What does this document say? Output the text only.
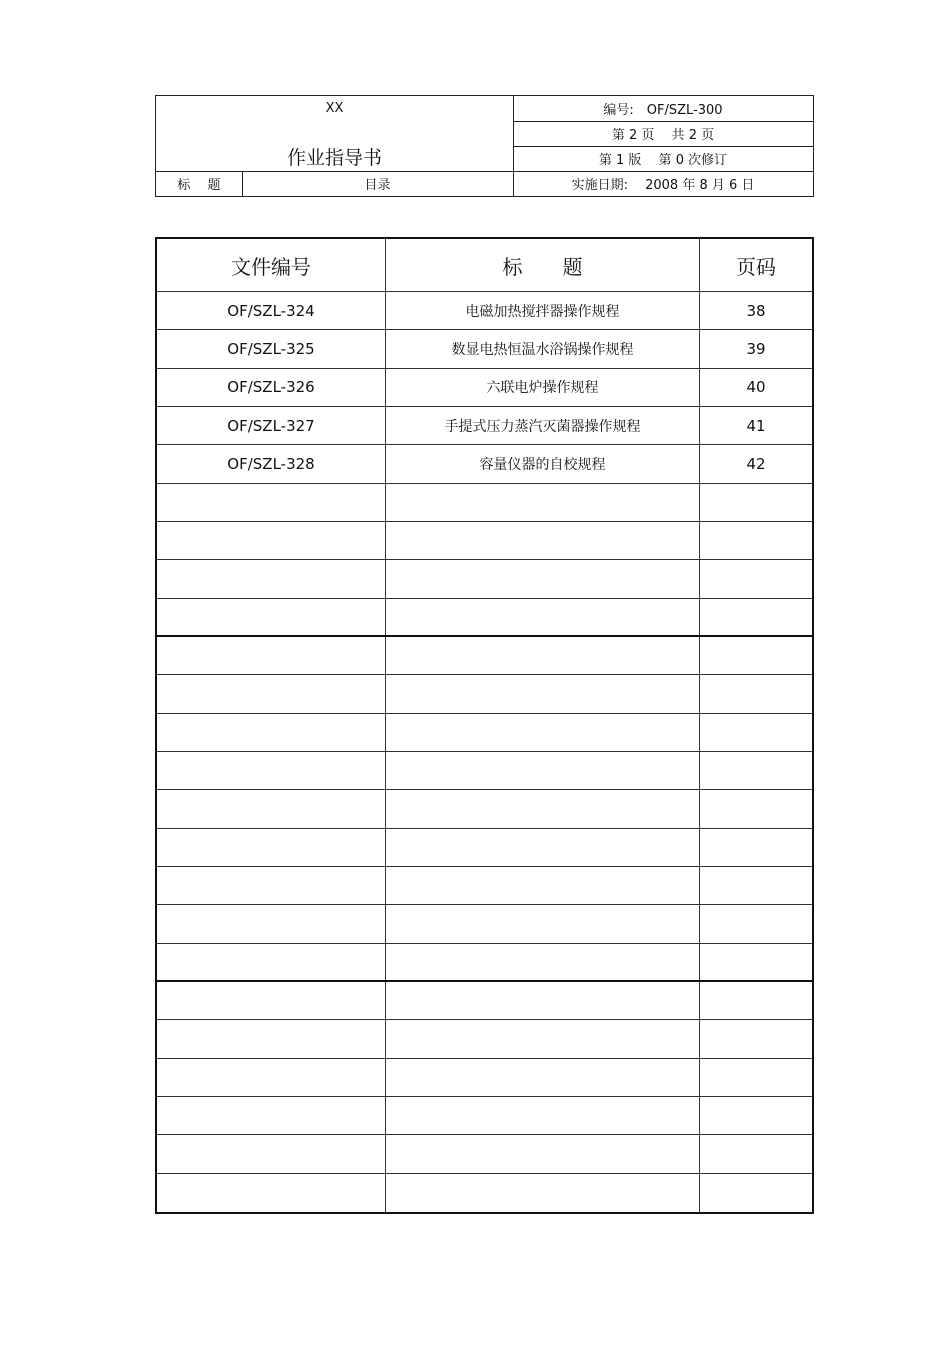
XX
作业指导书
标　 题	目录
编号:　OF/SZL-300
第 2 页　 共 2 页
第 1 版　 第 0 次修订
实施日期:　 2008 年 8 月 6 日
文件编号	标　　题	页码
OF/SZL-324	电磁加热搅拌器操作规程	38
OF/SZL-325	数显电热恒温水浴锅操作规程	39
OF/SZL-326	六联电炉操作规程	40
OF/SZL-327	手提式压力蒸汽灭菌器操作规程	41
OF/SZL-328	容量仪器的自校规程	42
